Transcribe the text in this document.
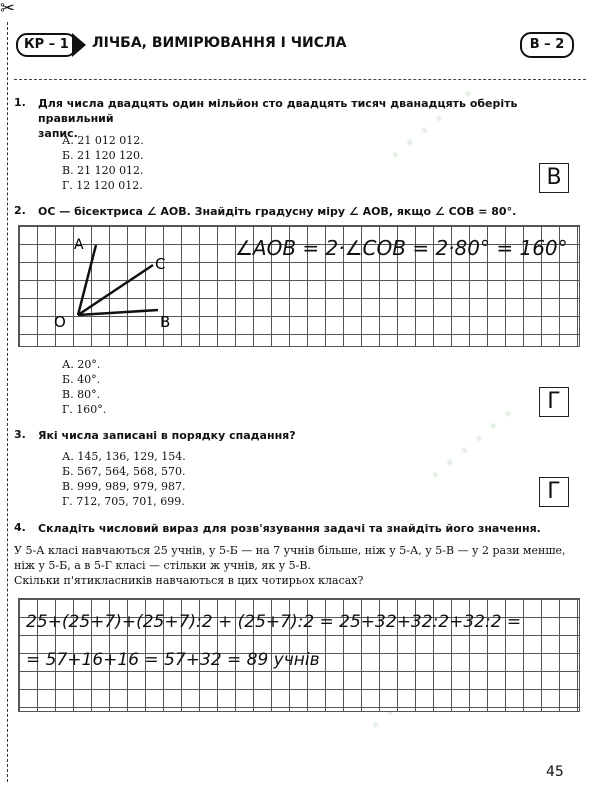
✂
· · · · · ·
· · · · · ·
КР – 1	ЛІЧБА, ВИМІРЮВАННЯ І ЧИСЛА	В – 2
1. Для числа двадцять один мільйон сто двадцять тисяч дванадцять оберіть правильний
запис.

А. 21 012 012.

Б. 21 120 120.

В. 21 120 012.

Г. 12 120 012.	В
2. OC — бісектриса ∠ AOB. Знайдіть градусну міру ∠ AOB, якщо ∠ COB = 80°.
A
C
O	B
∠AOB = 2·∠COB = 2·80° = 160°

А. 20°.

Б. 40°.

В. 80°.

Г. 160°.	Г
3. Які числа записані в порядку спадання?

А. 145, 136, 129, 154.

Б. 567, 564, 568, 570.

В. 999, 989, 979, 987.

Г. 712, 705, 701, 699.	Г
4. Складіть числовий вираз для розв'язування задачі та знайдіть його значення.
У 5-А класі навчаються 25 учнів, у 5-Б — на 7 учнів більше, ніж у 5-А, у 5-В — у 2 рази менше,
ніж у 5-Б, а в 5-Г класі — стільки ж учнів, як у 5-В.
Скільки п'ятикласників навчаються в цих чотирьох класах?
25+(25+7)+(25+7):2 + (25+7):2 = 25+32+32:2+32:2 =
= 57+16+16 = 57+32 = 89 учнів
45
